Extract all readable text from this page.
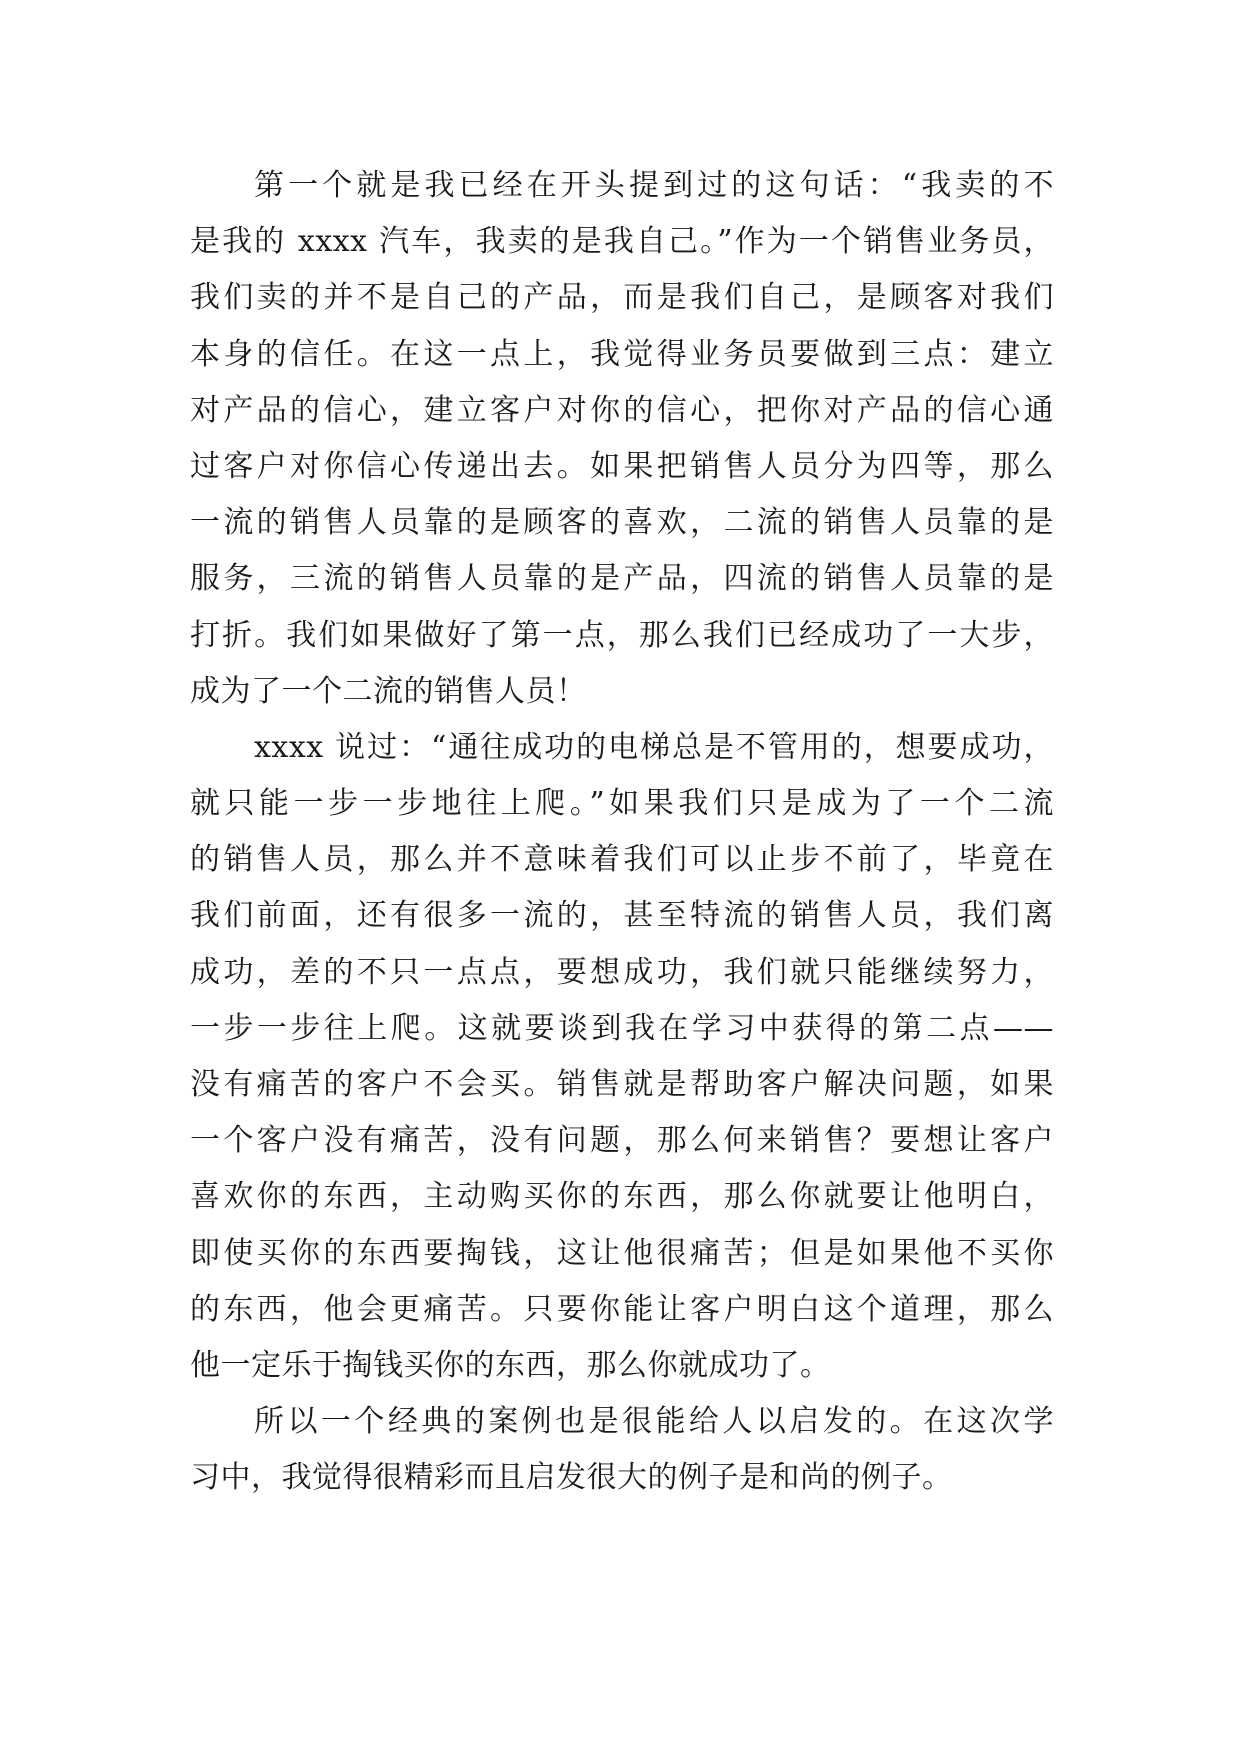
第一个就是我已经在开头提到过的这句话：“我卖的不
是我的 xxxx 汽车，我卖的是我自己。”作为一个销售业务员，
我们卖的并不是自己的产品，而是我们自己，是顾客对我们
本身的信任。在这一点上，我觉得业务员要做到三点：建立
对产品的信心，建立客户对你的信心，把你对产品的信心通
过客户对你信心传递出去。如果把销售人员分为四等，那么
一流的销售人员靠的是顾客的喜欢，二流的销售人员靠的是
服务，三流的销售人员靠的是产品，四流的销售人员靠的是
打折。我们如果做好了第一点，那么我们已经成功了一大步，
成为了一个二流的销售人员！
xxxx 说过：“通往成功的电梯总是不管用的，想要成功，
就只能一步一步地往上爬。”如果我们只是成为了一个二流
的销售人员，那么并不意味着我们可以止步不前了，毕竟在
我们前面，还有很多一流的，甚至特流的销售人员，我们离
成功，差的不只一点点，要想成功，我们就只能继续努力，
一步一步往上爬。这就要谈到我在学习中获得的第二点——
没有痛苦的客户不会买。销售就是帮助客户解决问题，如果
一个客户没有痛苦，没有问题，那么何来销售？要想让客户
喜欢你的东西，主动购买你的东西，那么你就要让他明白，
即使买你的东西要掏钱，这让他很痛苦；但是如果他不买你
的东西，他会更痛苦。只要你能让客户明白这个道理，那么
他一定乐于掏钱买你的东西，那么你就成功了。
所以一个经典的案例也是很能给人以启发的。在这次学
习中，我觉得很精彩而且启发很大的例子是和尚的例子。
